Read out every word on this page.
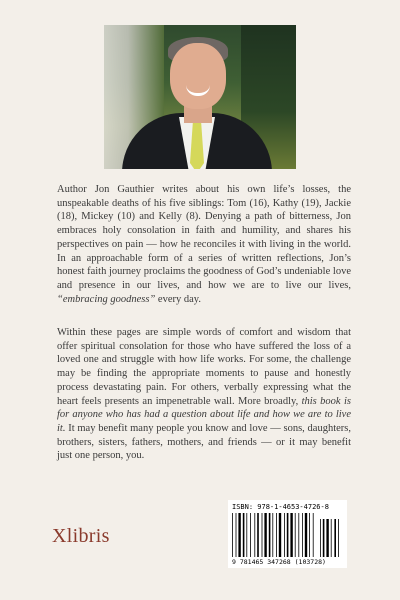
Author Jon Gauthier writes about his own life’s losses, the unspeakable deaths of his five siblings: Tom (16), Kathy (19), Jackie (18), Mickey (10) and Kelly (8). Denying a path of bitterness, Jon embraces holy consolation in faith and humility, and shares his perspectives on pain — how he reconciles it with living in the world. In an approachable form of a series of written reflections, Jon’s honest faith journey proclaims the goodness of God’s undeniable love and presence in our lives, and how we are to live our lives, “embracing goodness” every day.

Within these pages are simple words of comfort and wisdom that offer spiritual consolation for those who have suffered the loss of a loved one and struggle with how life works. For some, the challenge may be finding the appropriate moments to pause and honestly process devastating pain. For others, verbally expressing what the heart feels presents an impenetrable wall. More broadly, this book is for anyone who has had a question about life and how we are to live it. It may benefit many people you know and love — sons, daughters, brothers, sisters, fathers, mothers, and friends — or it may benefit just one person, you.

Xlibris
ISBN: 978-1-4653-4726-8
9 781465 347268 (103728)
